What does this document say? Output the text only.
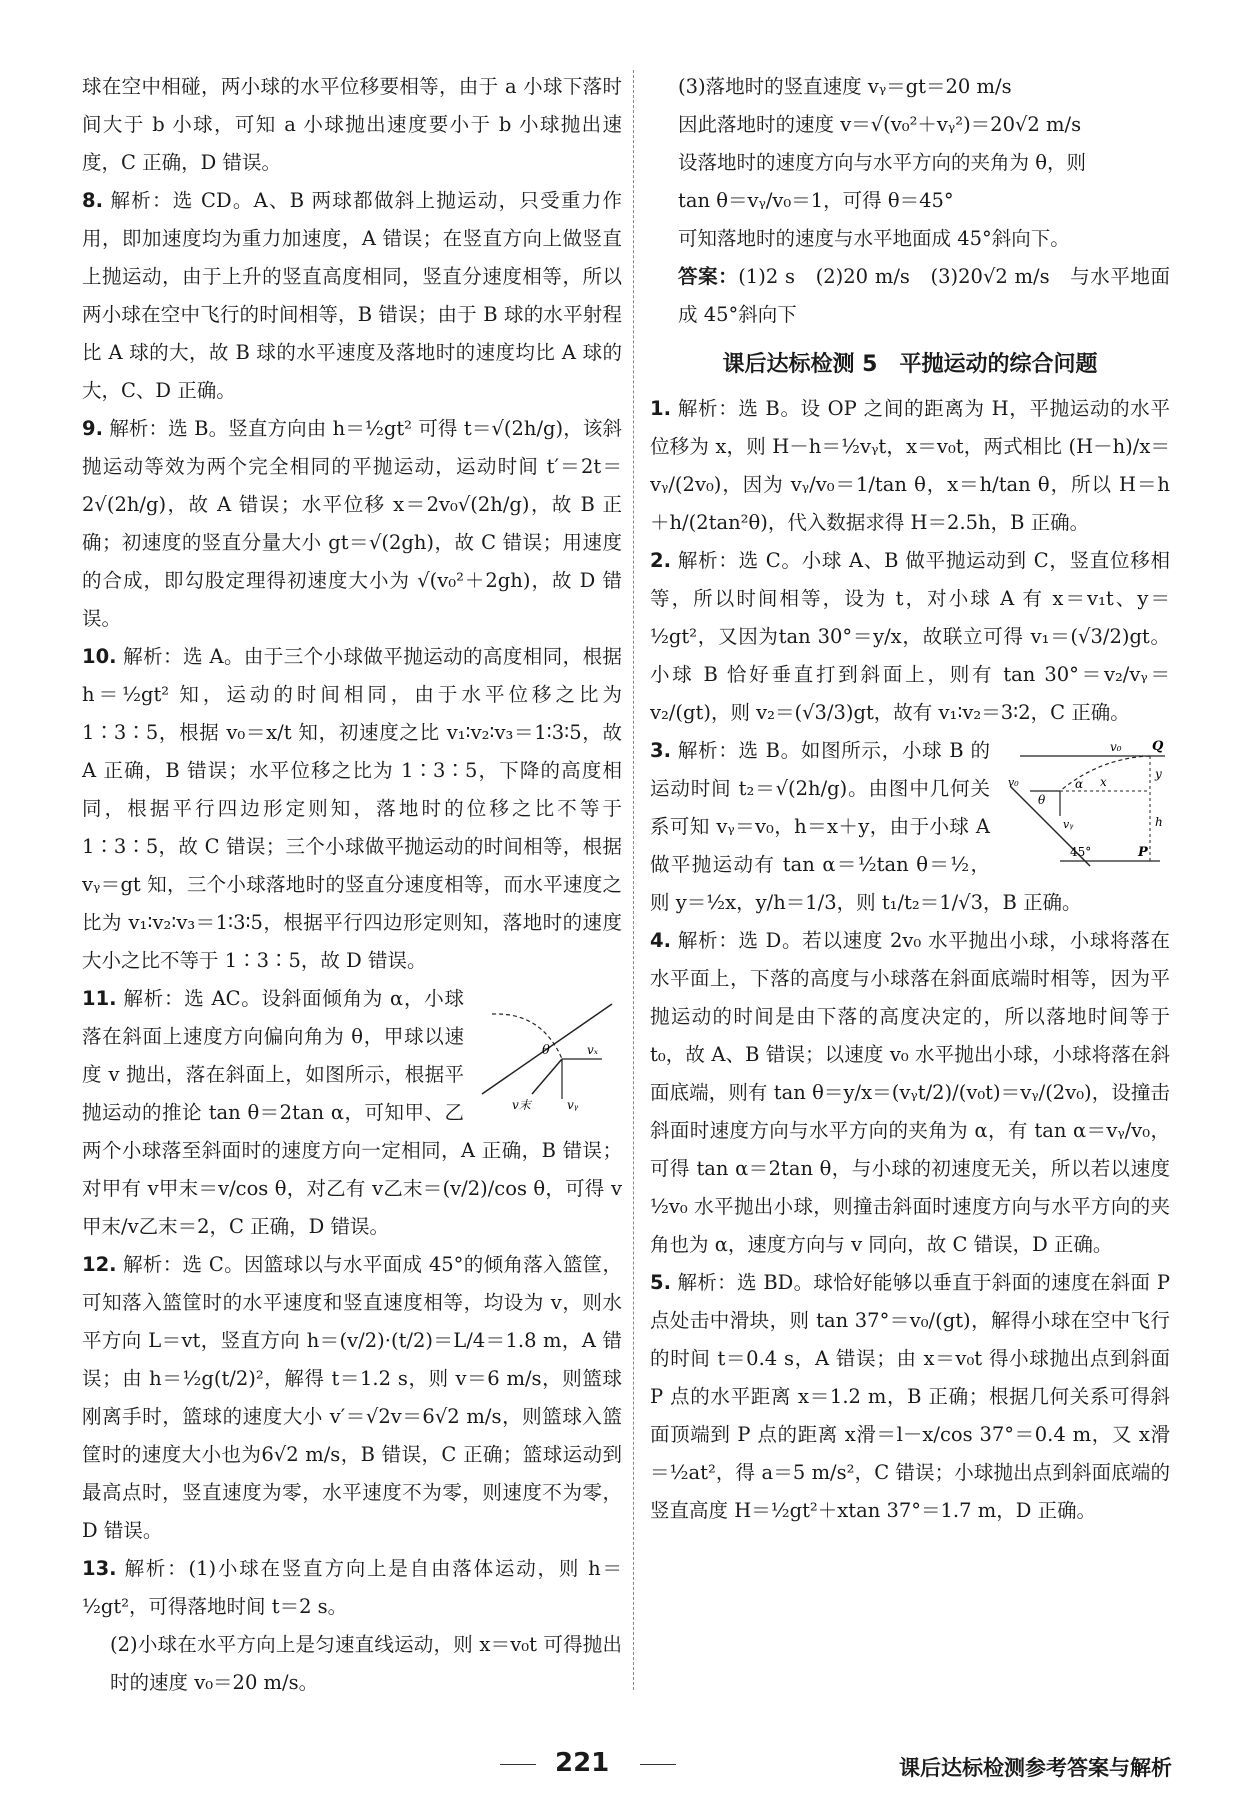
球在空中相碰，两小球的水平位移要相等，由于 a 小球下落时间大于 b 小球，可知 a 小球抛出速度要小于 b 小球抛出速度，C 正确，D 错误。

8. 解析：选 CD。A、B 两球都做斜上抛运动，只受重力作用，即加速度均为重力加速度，A 错误；在竖直方向上做竖直上抛运动，由于上升的竖直高度相同，竖直分速度相等，所以两小球在空中飞行的时间相等，B 错误；由于 B 球的水平射程比 A 球的大，故 B 球的水平速度及落地时的速度均比 A 球的大，C、D 正确。

9. 解析：选 B。竖直方向由 h＝½gt² 可得 t＝√(2h/g)，该斜抛运动等效为两个完全相同的平抛运动，运动时间 t′＝2t＝2√(2h/g)，故 A 错误；水平位移 x＝2v₀√(2h/g)，故 B 正确；初速度的竖直分量大小 gt＝√(2gh)，故 C 错误；用速度的合成，即勾股定理得初速度大小为 √(v₀²＋2gh)，故 D 错误。

10. 解析：选 A。由于三个小球做平抛运动的高度相同，根据 h＝½gt² 知，运动的时间相同，由于水平位移之比为1∶3∶5，根据 v₀＝x/t 知，初速度之比 v₁∶v₂∶v₃＝1∶3∶5，故 A 正确，B 错误；水平位移之比为 1∶3∶5，下降的高度相同，根据平行四边形定则知，落地时的位移之比不等于 1∶3∶5，故 C 错误；三个小球做平抛运动的时间相等，根据 vᵧ＝gt 知，三个小球落地时的竖直分速度相等，而水平速度之比为 v₁∶v₂∶v₃＝1∶3∶5，根据平行四边形定则知，落地时的速度大小之比不等于 1∶3∶5，故 D 错误。

θ
v末
vₓ
vᵧ
11. 解析：选 AC。设斜面倾角为 α，小球落在斜面上速度方向偏向角为 θ，甲球以速度 v 抛出，落在斜面上，如图所示，根据平抛运动的推论 tan θ＝2tan α，可知甲、乙两个小球落至斜面时的速度方向一定相同，A 正确，B 错误；对甲有 v甲末＝v/cos θ，对乙有 v乙末＝(v/2)/cos θ，可得 v甲末/v乙末＝2，C 正确，D 错误。

12. 解析：选 C。因篮球以与水平面成 45°的倾角落入篮筐，可知落入篮筐时的水平速度和竖直速度相等，均设为 v，则水平方向 L＝vt，竖直方向 h＝(v/2)·(t/2)＝L/4＝1.8 m，A 错误；由 h＝½g(t/2)²，解得 t＝1.2 s，则 v＝6 m/s，则篮球刚离手时，篮球的速度大小 v′＝√2v＝6√2 m/s，则篮球入篮筐时的速度大小也为6√2 m/s，B 错误，C 正确；篮球运动到最高点时，竖直速度为零，水平速度不为零，则速度不为零，D 错误。

13. 解析：(1)小球在竖直方向上是自由落体运动，则 h＝½gt²，可得落地时间 t＝2 s。

(2)小球在水平方向上是匀速直线运动，则 x＝v₀t 可得抛出时的速度 v₀＝20 m/s。

(3)落地时的竖直速度 vᵧ＝gt＝20 m/s

因此落地时的速度 v＝√(v₀²＋vᵧ²)＝20√2 m/s

设落地时的速度方向与水平方向的夹角为 θ，则

tan θ＝vᵧ/v₀＝1，可得 θ＝45°

可知落地时的速度与水平地面成 45°斜向下。

答案：(1)2 s　(2)20 m/s　(3)20√2 m/s　与水平地面成 45°斜向下

课后达标检测 5　平抛运动的综合问题

1. 解析：选 B。设 OP 之间的距离为 H，平抛运动的水平位移为 x，则 H－h＝½vᵧt，x＝v₀t，两式相比 (H－h)/x＝vᵧ/(2v₀)，因为 vᵧ/v₀＝1/tan θ，x＝h/tan θ，所以 H＝h＋h/(2tan²θ)，代入数据求得 H＝2.5h，B 正确。

2. 解析：选 C。小球 A、B 做平抛运动到 C，竖直位移相等，所以时间相等，设为 t，对小球 A 有 x＝v₁t、y＝½gt²，又因为tan 30°＝y/x，故联立可得 v₁＝(√3/2)gt。小球 B 恰好垂直打到斜面上，则有 tan 30°＝v₂/vᵧ＝v₂/(gt)，则 v₂＝(√3/3)gt，故有 v₁∶v₂＝3∶2，C 正确。

v₀ Q
v₀
θ
α x
y
vᵧ	h
45°	P
3. 解析：选 B。如图所示，小球 B 的运动时间 t₂＝√(2h/g)。由图中几何关系可知 vᵧ＝v₀，h＝x＋y，由于小球 A 做平抛运动有 tan α＝½tan θ＝½，则 y＝½x，y/h＝1/3，则 t₁/t₂＝1/√3，B 正确。

4. 解析：选 D。若以速度 2v₀ 水平抛出小球，小球将落在水平面上，下落的高度与小球落在斜面底端时相等，因为平抛运动的时间是由下落的高度决定的，所以落地时间等于 t₀，故 A、B 错误；以速度 v₀ 水平抛出小球，小球将落在斜面底端，则有 tan θ＝y/x＝(vᵧt/2)/(v₀t)＝vᵧ/(2v₀)，设撞击斜面时速度方向与水平方向的夹角为 α，有 tan α＝vᵧ/v₀，可得 tan α＝2tan θ，与小球的初速度无关，所以若以速度 ½v₀ 水平抛出小球，则撞击斜面时速度方向与水平方向的夹角也为 α，速度方向与 v 同向，故 C 错误，D 正确。

5. 解析：选 BD。球恰好能够以垂直于斜面的速度在斜面 P 点处击中滑块，则 tan 37°＝v₀/(gt)，解得小球在空中飞行的时间 t＝0.4 s，A 错误；由 x＝v₀t 得小球抛出点到斜面 P 点的水平距离 x＝1.2 m，B 正确；根据几何关系可得斜面顶端到 P 点的距离 x滑＝l－x/cos 37°＝0.4 m，又 x滑＝½at²，得 a＝5 m/s²，C 错误；小球抛出点到斜面底端的竖直高度 H＝½gt²＋xtan 37°＝1.7 m，D 正确。

221	课后达标检测参考答案与解析
